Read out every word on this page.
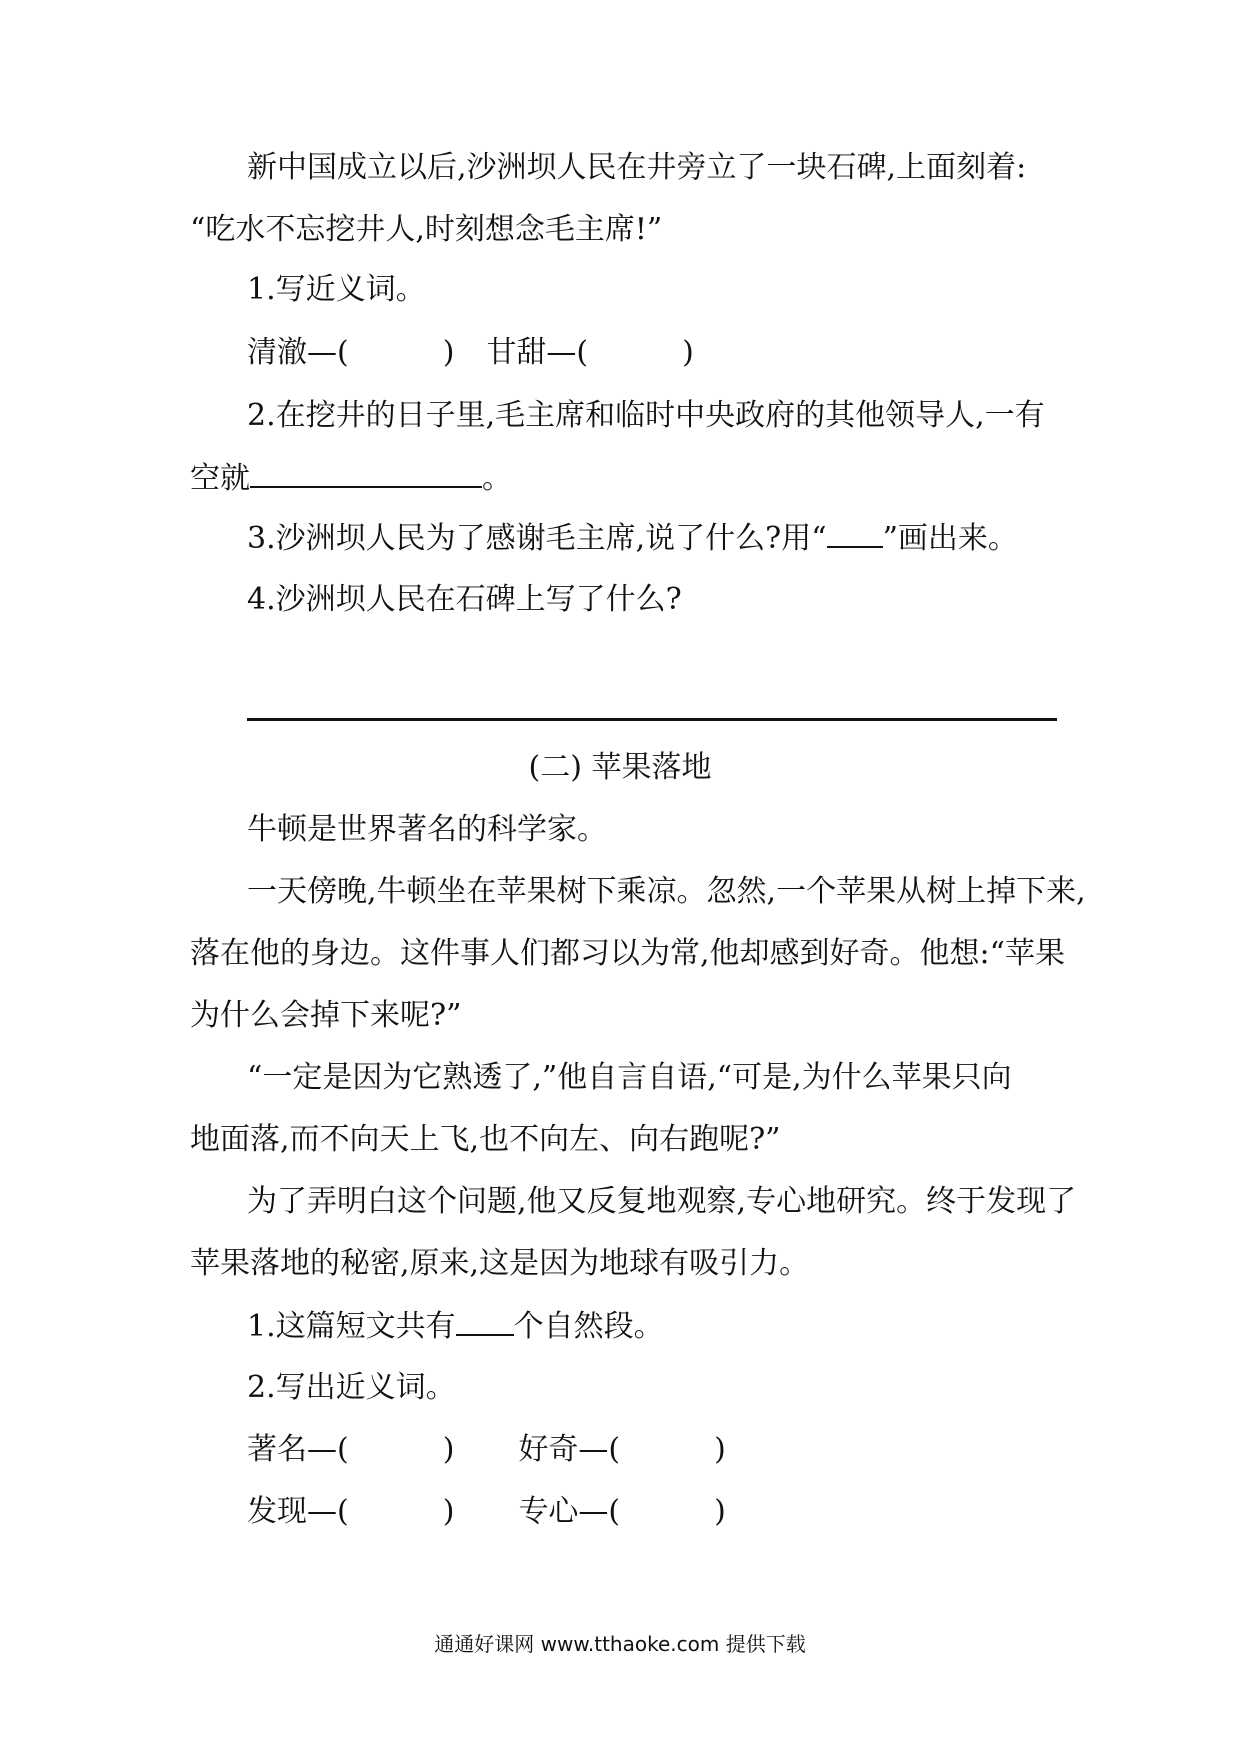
新中国成立以后,沙洲坝人民在井旁立了一块石碑,上面刻着:
“吃水不忘挖井人,时刻想念毛主席!”
1.写近义词。
清澈—(	) 甘甜—(	)
2.在挖井的日子里,毛主席和临时中央政府的其他领导人,一有
空就	。
3.沙洲坝人民为了感谢毛主席,说了什么?用“ ”画出来。
4.沙洲坝人民在石碑上写了什么?
(二) 苹果落地
牛顿是世界著名的科学家。
一天傍晚,牛顿坐在苹果树下乘凉。忽然,一个苹果从树上掉下来,
落在他的身边。这件事人们都习以为常,他却感到好奇。他想:“苹果
为什么会掉下来呢?”
“一定是因为它熟透了,”他自言自语,“可是,为什么苹果只向
地面落,而不向天上飞,也不向左、向右跑呢?”
为了弄明白这个问题,他又反复地观察,专心地研究。终于发现了
苹果落地的秘密,原来,这是因为地球有吸引力。
1.这篇短文共有 个自然段。
2.写出近义词。
著名—(	) 好奇—(	)
发现—(	) 专心—(	)
通通好课网 www.tthaoke.com 提供下载
